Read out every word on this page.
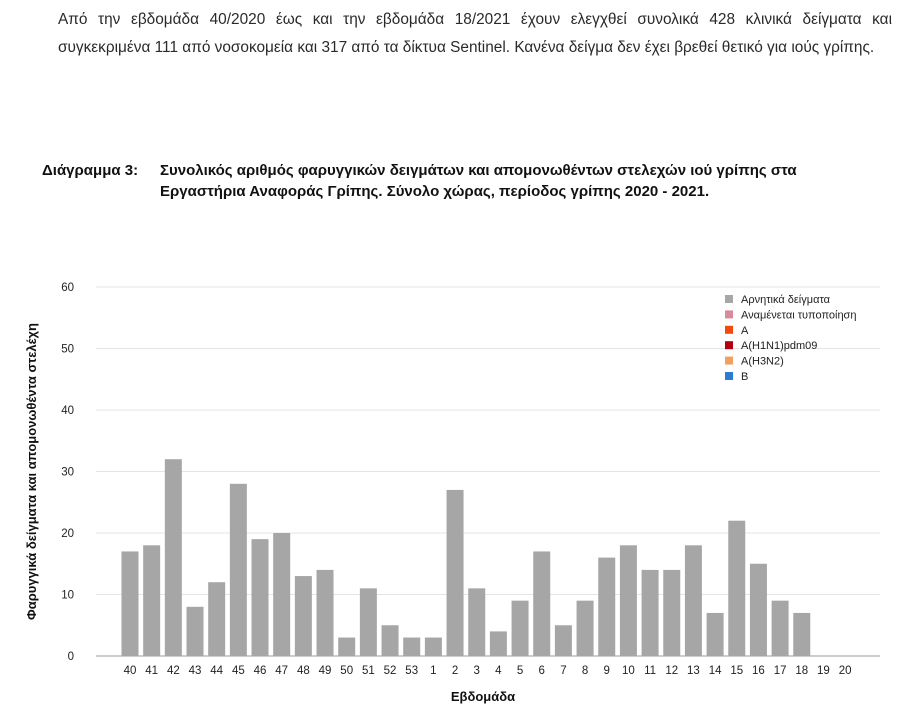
Από την εβδομάδα 40/2020 έως και την εβδομάδα 18/2021 έχουν ελεγχθεί συνολικά 428 κλινικά δείγματα και συγκεκριμένα 111 από νοσοκομεία και 317 από τα δίκτυα Sentinel. Κανένα δείγμα δεν έχει βρεθεί θετικό για ιούς γρίπης.
Διάγραμμα 3: Συνολικός αριθμός φαρυγγικών δειγμάτων και απομονωθέντων στελεχών ιού γρίπης στα Εργαστήρια Αναφοράς Γρίπης. Σύνολο χώρας, περίοδος γρίπης 2020 - 2021.
0
10
20
30
40
50
60
40 41 42 43 44 45 46 47 48 49 50 51 52 53 1 2 3 4 5 6 7 8 9 10 11 12 13 14 15 16 17 18 19 20
Αρνητικά δείγματα
Αναμένεται τυποποίηση
A
A(H1N1)pdm09
A(H3N2)
B
Φαρυγγικά δείγματα και απομονωθέντα στελέχη
Εβδομάδα
